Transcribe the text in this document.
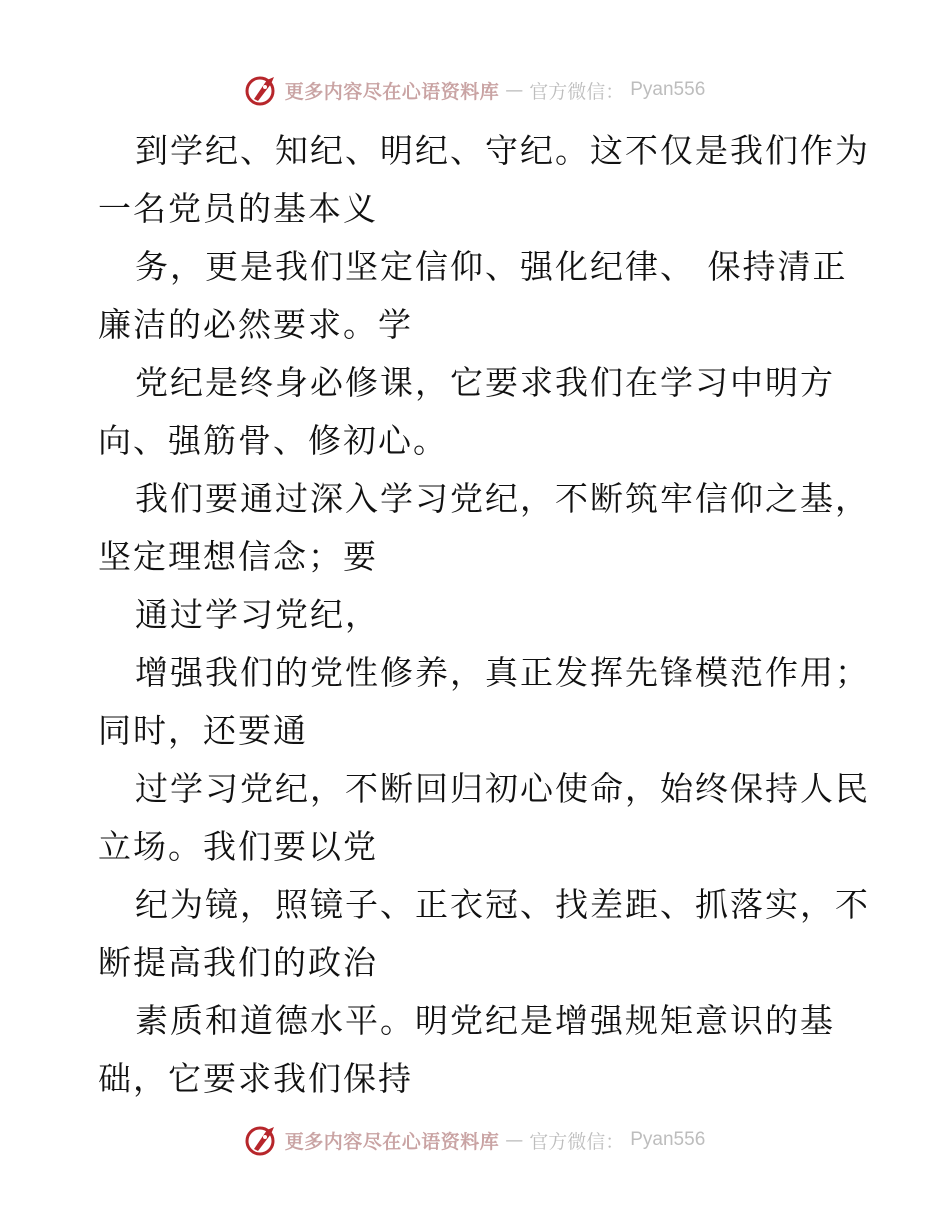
更多内容尽在心语资料库 — 官方微信： Pyan556
到学纪、知纪、明纪、守纪。这不仅是我们作为
一名党员的基本义
务，更是我们坚定信仰、强化纪律、 保持清正
廉洁的必然要求。学
党纪是终身必修课，它要求我们在学习中明方
向、强筋骨、修初心。
我们要通过深入学习党纪，不断筑牢信仰之基，
坚定理想信念；要
通过学习党纪，
增强我们的党性修养，真正发挥先锋模范作用；
同时，还要通
过学习党纪，不断回归初心使命，始终保持人民
立场。我们要以党
纪为镜，照镜子、正衣冠、找差距、抓落实，不
断提高我们的政治
素质和道德水平。明党纪是增强规矩意识的基
础，它要求我们保持
更多内容尽在心语资料库 — 官方微信： Pyan556
